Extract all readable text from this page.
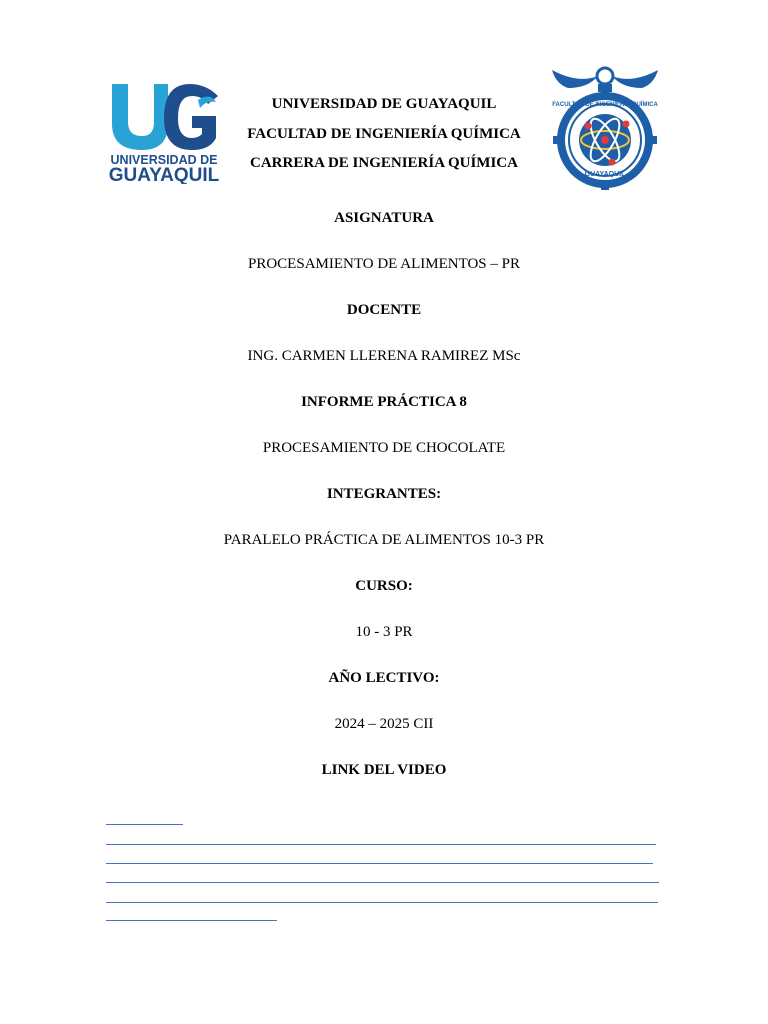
UNIVERSIDAD DE
GUAYAQUIL
UNIVERSIDAD DE GUAYAQUIL
FACULTAD DE INGENIERÍA QUÍMICA
CARRERA DE INGENIERÍA QUÍMICA
FACULTAD DE INGENIERÍA QUÍMICA
GUAYAQUIL
ASIGNATURA
PROCESAMIENTO DE ALIMENTOS – PR
DOCENTE
ING. CARMEN LLERENA RAMIREZ MSc
INFORME PRÁCTICA 8
PROCESAMIENTO DE CHOCOLATE
INTEGRANTES:
PARALELO PRÁCTICA DE ALIMENTOS 10-3 PR
CURSO:
10 - 3 PR
AÑO LECTIVO:
2024 – 2025 CII
LINK DEL VIDEO
